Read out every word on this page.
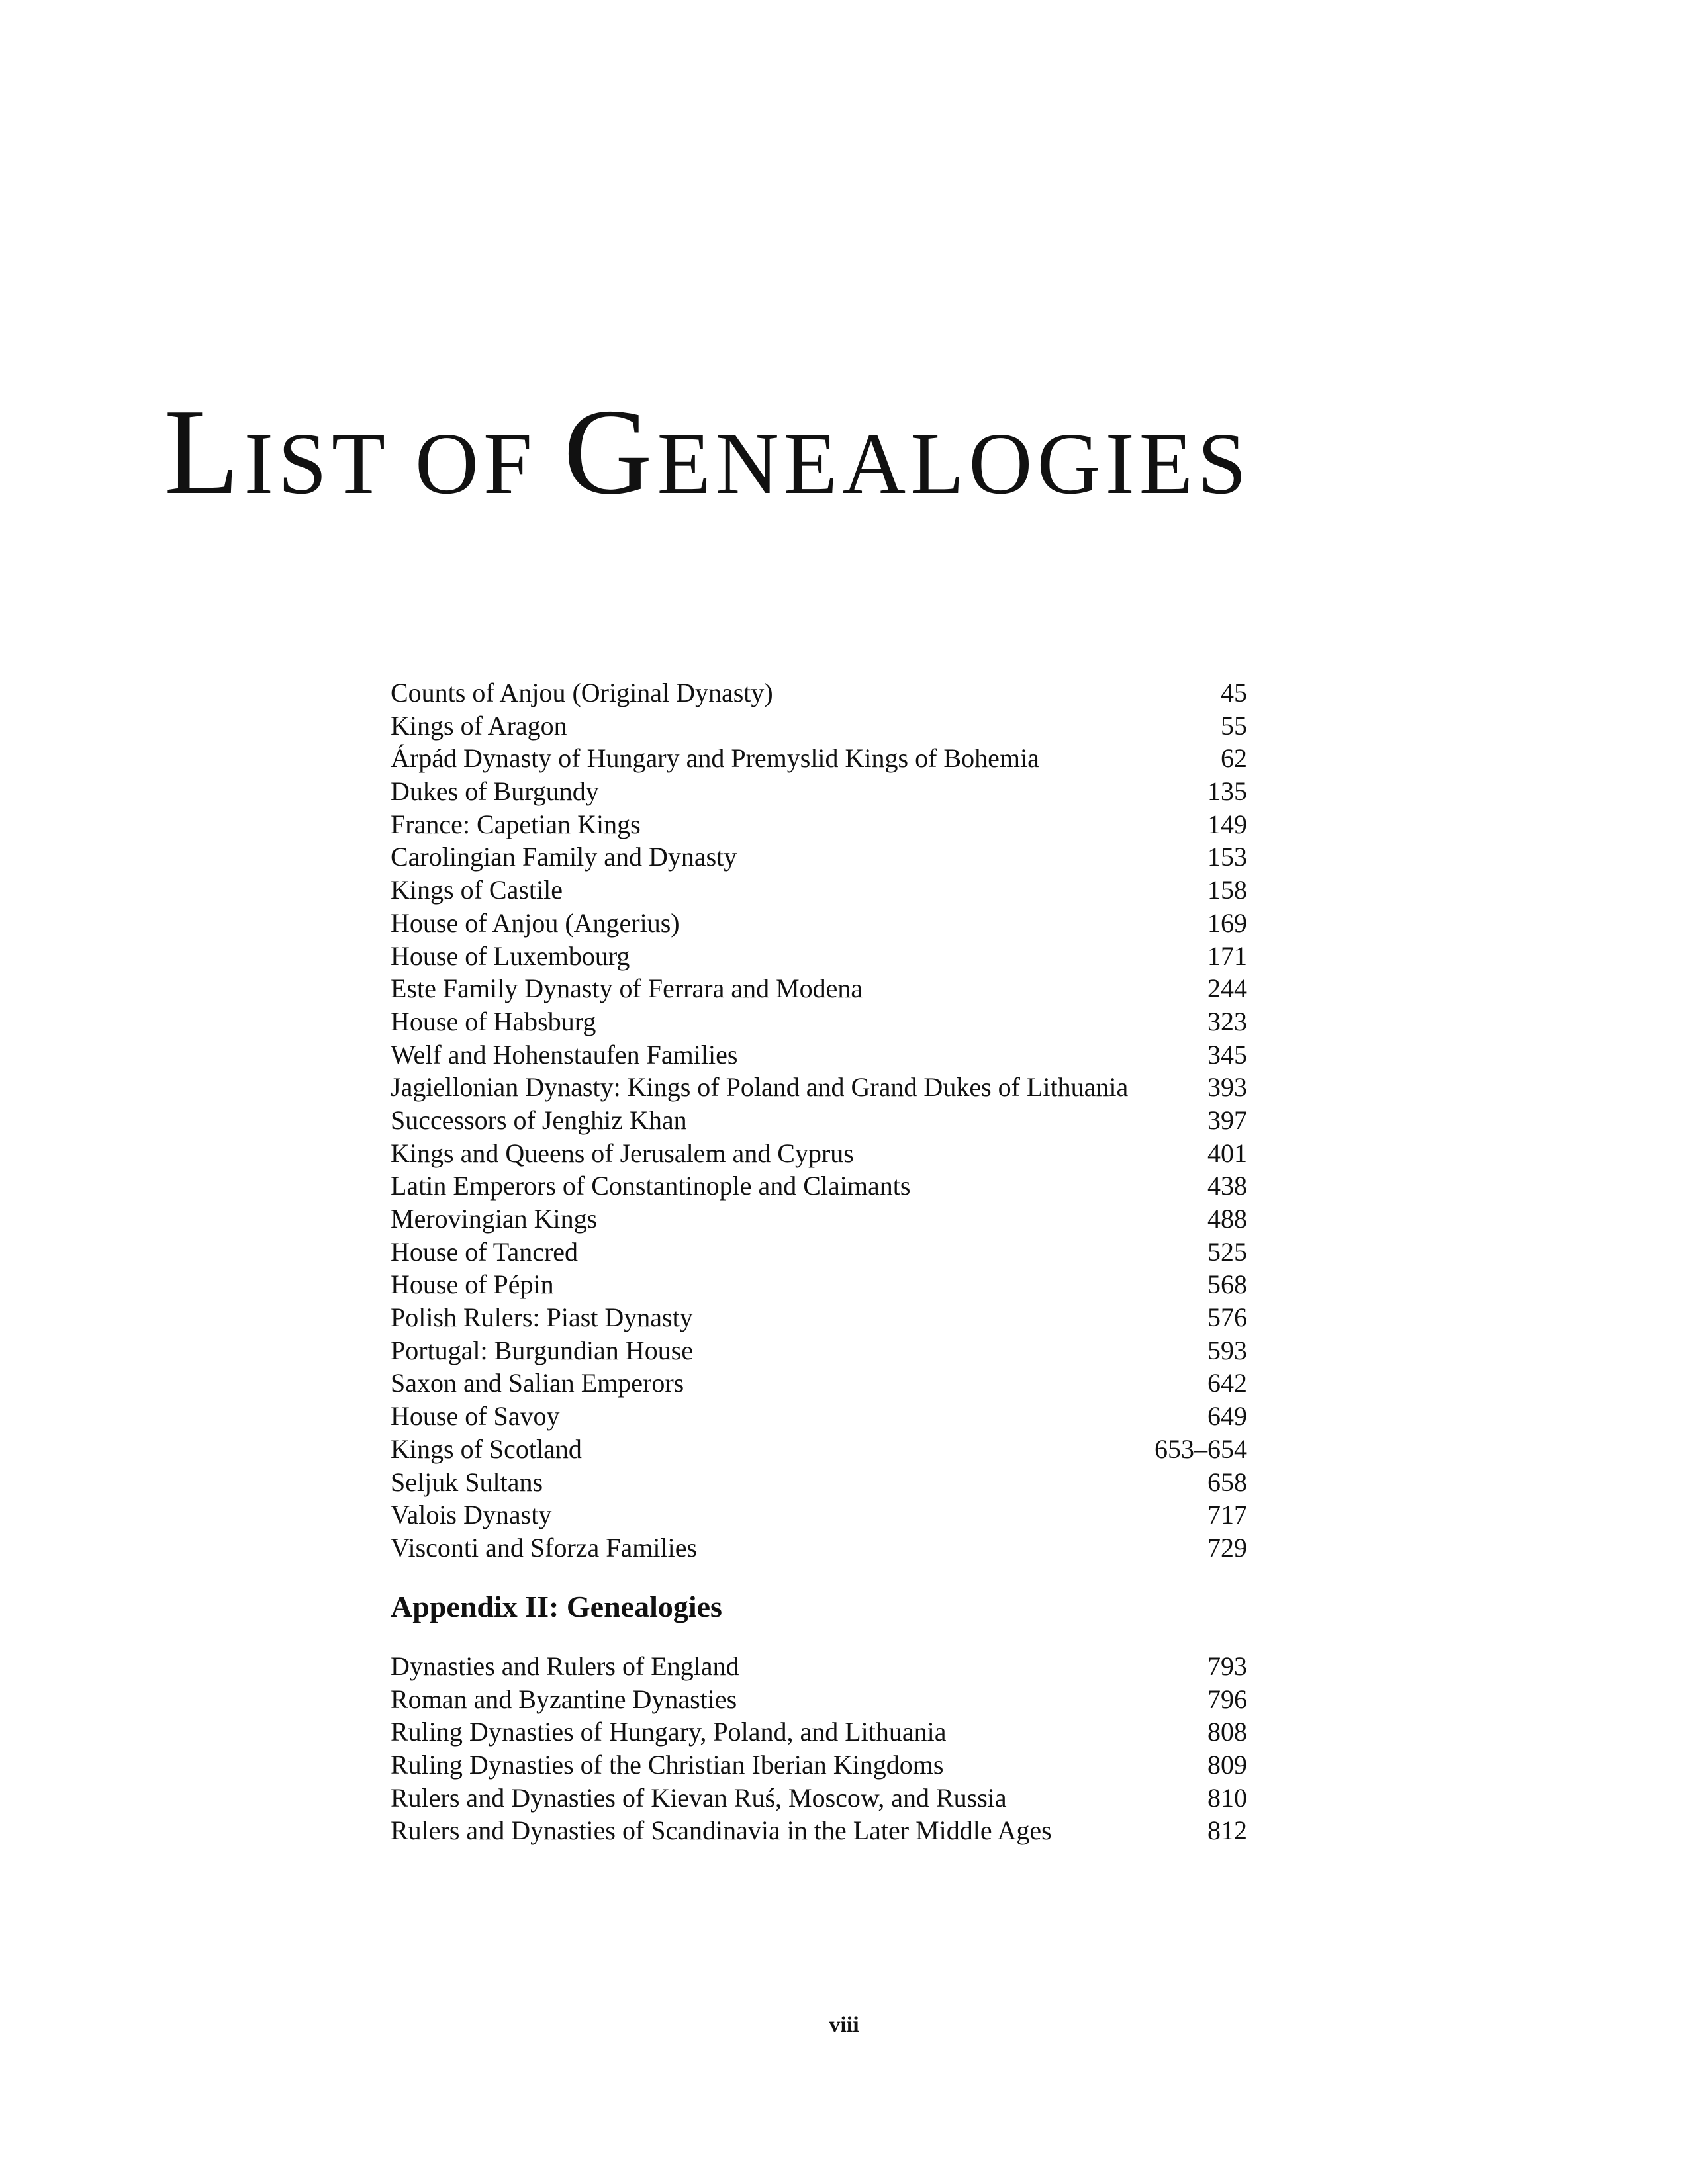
LIST OF GENEALOGIES
Counts of Anjou (Original Dynasty)	45
Kings of Aragon	55
Árpád Dynasty of Hungary and Premyslid Kings of Bohemia	62
Dukes of Burgundy	135
France: Capetian Kings	149
Carolingian Family and Dynasty	153
Kings of Castile	158
House of Anjou (Angerius)	169
House of Luxembourg	171
Este Family Dynasty of Ferrara and Modena	244
House of Habsburg	323
Welf and Hohenstaufen Families	345
Jagiellonian Dynasty: Kings of Poland and Grand Dukes of Lithuania	393
Successors of Jenghiz Khan	397
Kings and Queens of Jerusalem and Cyprus	401
Latin Emperors of Constantinople and Claimants	438
Merovingian Kings	488
House of Tancred	525
House of Pépin	568
Polish Rulers: Piast Dynasty	576
Portugal: Burgundian House	593
Saxon and Salian Emperors	642
House of Savoy	649
Kings of Scotland	653–654
Seljuk Sultans	658
Valois Dynasty	717
Visconti and Sforza Families	729
Appendix II: Genealogies
Dynasties and Rulers of England	793
Roman and Byzantine Dynasties	796
Ruling Dynasties of Hungary, Poland, and Lithuania	808
Ruling Dynasties of the Christian Iberian Kingdoms	809
Rulers and Dynasties of Kievan Ruś, Moscow, and Russia	810
Rulers and Dynasties of Scandinavia in the Later Middle Ages	812
viii
